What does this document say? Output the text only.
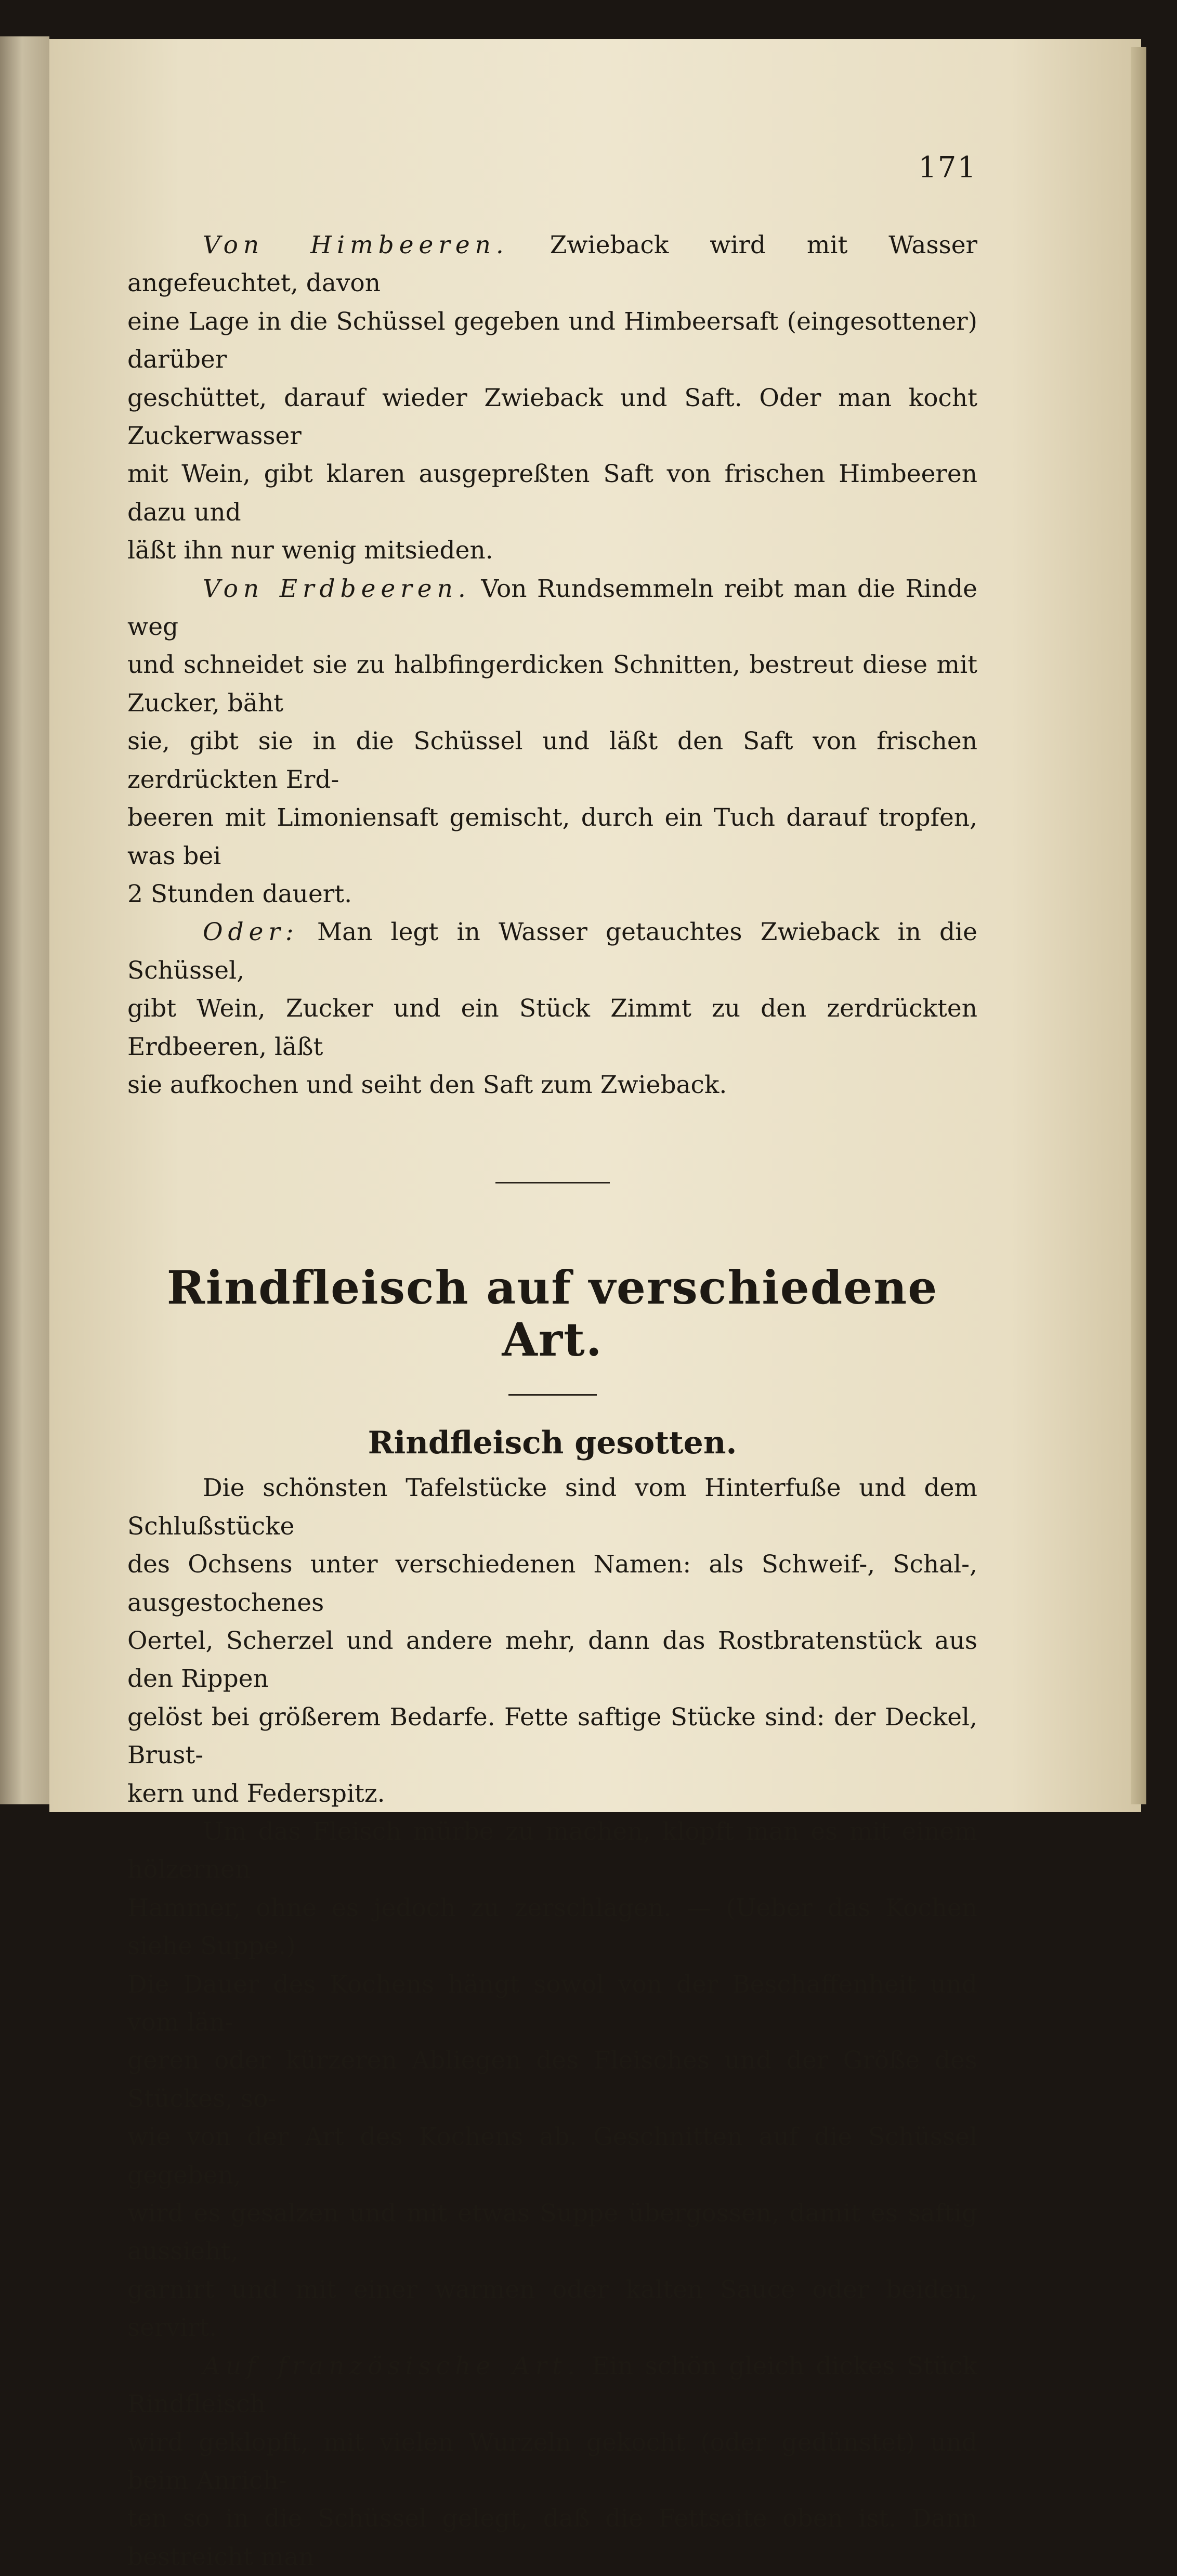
171

Von Himbeeren. Zwieback wird mit Wasser angefeuchtet, davon
eine Lage in die Schüssel gegeben und Himbeersaft (eingesottener) darüber
geschüttet, darauf wieder Zwieback und Saft. Oder man kocht Zuckerwasser
mit Wein, gibt klaren ausgepreßten Saft von frischen Himbeeren dazu und
läßt ihn nur wenig mitsieden.

Von Erdbeeren. Von Rundsemmeln reibt man die Rinde weg
und schneidet sie zu halbfingerdicken Schnitten, bestreut diese mit Zucker, bäht
sie, gibt sie in die Schüssel und läßt den Saft von frischen zerdrückten Erd-
beeren mit Limoniensaft gemischt, durch ein Tuch darauf tropfen, was bei
2 Stunden dauert.

Oder: Man legt in Wasser getauchtes Zwieback in die Schüssel,
gibt Wein, Zucker und ein Stück Zimmt zu den zerdrückten Erdbeeren, läßt
sie aufkochen und seiht den Saft zum Zwieback.

Rindfleisch auf verschiedene Art.
Rindfleisch gesotten.

Die schönsten Tafelstücke sind vom Hinterfuße und dem Schlußstücke
des Ochsens unter verschiedenen Namen: als Schweif-, Schal-, ausgestochenes
Oertel, Scherzel und andere mehr, dann das Rostbratenstück aus den Rippen
gelöst bei größerem Bedarfe. Fette saftige Stücke sind: der Deckel, Brust-
kern und Federspitz.

Um das Fleisch mürbe zu machen, klopft man es mit einem hölzernen
Hammer, ohne es jedoch zu zerschlagen. — (Ueber das Kochen siehe Suppe.)
Die Dauer des Kochens hängt sowol von der Beschaffenheit und vom län-
geren oder kürzeren Abliegen des Fleisches und der Größe des Stückes, so-
wie von der Art des Kochens ab. Geschnitten auf die Schüssel gegeben,
wird es gesalzen und mit etwas Suppe übergossen, damit es saftig aussieht,
garnirt und mit einer warmen oder kalten Sauce oder beiden, servirt.

Auf französische Art. Ein schön gleich dickes Stück Rindfleisch
wird geklopft, mit vielen Wurzeln gekocht (oder gedünstet) und beim Anrich-
ten so in die Schüssel gelegt, daß die Fettseite oben ist. Dann bestreicht man
